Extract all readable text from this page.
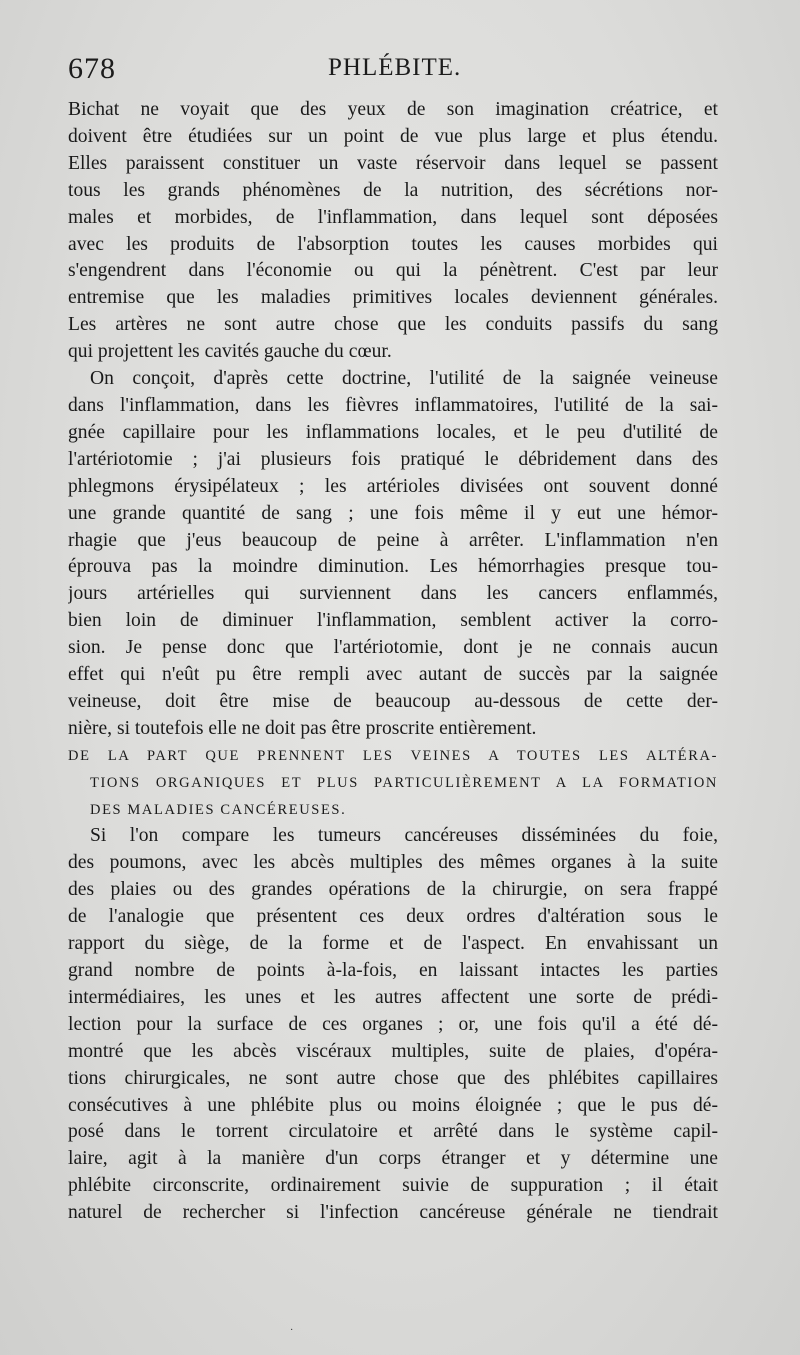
678	PHLÉBITE.
Bichat ne voyait que des yeux de son imagination créatrice, et
doivent être étudiées sur un point de vue plus large et plus étendu.
Elles paraissent constituer un vaste réservoir dans lequel se passent
tous les grands phénomènes de la nutrition, des sécrétions nor-
males et morbides, de l'inflammation, dans lequel sont déposées
avec les produits de l'absorption toutes les causes morbides qui
s'engendrent dans l'économie ou qui la pénètrent. C'est par leur
entremise que les maladies primitives locales deviennent générales.
Les artères ne sont autre chose que les conduits passifs du sang
qui projettent les cavités gauche du cœur.
On conçoit, d'après cette doctrine, l'utilité de la saignée veineuse
dans l'inflammation, dans les fièvres inflammatoires, l'utilité de la sai-
gnée capillaire pour les inflammations locales, et le peu d'utilité de
l'artériotomie ; j'ai plusieurs fois pratiqué le débridement dans des
phlegmons érysipélateux ; les artérioles divisées ont souvent donné
une grande quantité de sang ; une fois même il y eut une hémor-
rhagie que j'eus beaucoup de peine à arrêter. L'inflammation n'en
éprouva pas la moindre diminution. Les hémorrhagies presque tou-
jours artérielles qui surviennent dans les cancers enflammés,
bien loin de diminuer l'inflammation, semblent activer la corro-
sion. Je pense donc que l'artériotomie, dont je ne connais aucun
effet qui n'eût pu être rempli avec autant de succès par la saignée
veineuse, doit être mise de beaucoup au-dessous de cette der-
nière, si toutefois elle ne doit pas être proscrite entièrement.
DE LA PART QUE PRENNENT LES VEINES A TOUTES LES ALTÉRA-
TIONS ORGANIQUES ET PLUS PARTICULIÈREMENT A LA FORMATION
DES MALADIES CANCÉREUSES.
Si l'on compare les tumeurs cancéreuses disséminées du foie,
des poumons, avec les abcès multiples des mêmes organes à la suite
des plaies ou des grandes opérations de la chirurgie, on sera frappé
de l'analogie que présentent ces deux ordres d'altération sous le
rapport du siège, de la forme et de l'aspect. En envahissant un
grand nombre de points à-la-fois, en laissant intactes les parties
intermédiaires, les unes et les autres affectent une sorte de prédi-
lection pour la surface de ces organes ; or, une fois qu'il a été dé-
montré que les abcès viscéraux multiples, suite de plaies, d'opéra-
tions chirurgicales, ne sont autre chose que des phlébites capillaires
consécutives à une phlébite plus ou moins éloignée ; que le pus dé-
posé dans le torrent circulatoire et arrêté dans le système capil-
laire, agit à la manière d'un corps étranger et y détermine une
phlébite circonscrite, ordinairement suivie de suppuration ; il était
naturel de rechercher si l'infection cancéreuse générale ne tiendrait
·
